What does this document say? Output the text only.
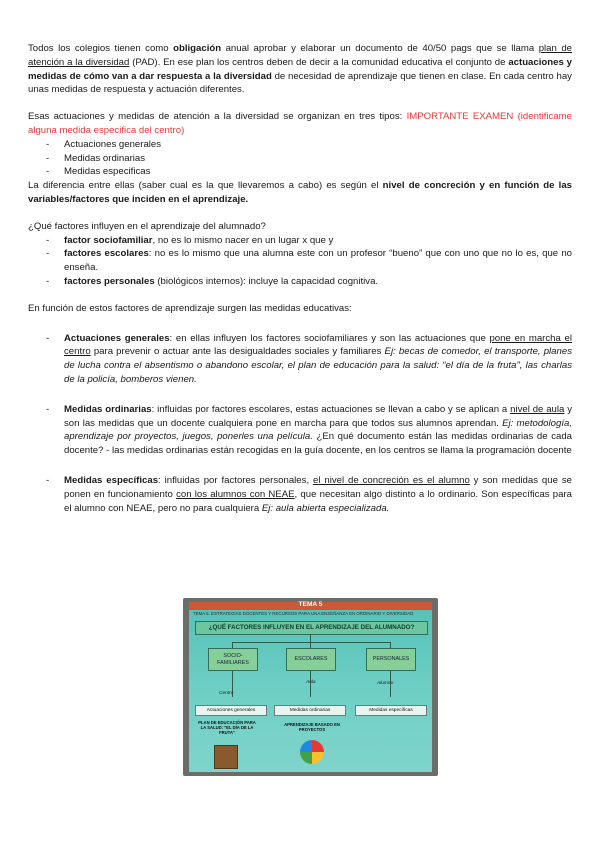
Todos los colegios tienen como obligación anual aprobar y elaborar un documento de 40/50 pags que se llama plan de atención a la diversidad (PAD). En ese plan los centros deben de decir a la comunidad educativa el conjunto de actuaciones y medidas de cómo van a dar respuesta a la diversidad de necesidad de aprendizaje que tienen en clase. En cada centro hay unas medidas de respuesta y actuación diferentes.

Esas actuaciones y medidas de atención a la diversidad se organizan en tres tipos: IMPORTANTE EXAMEN (identificame alguna medida especifica del centro)

- Actuaciones generales
- Medidas ordinarias
- Medidas especificas

La diferencia entre ellas (saber cual es la que llevaremos a cabo) es según el nivel de concreción y en función de las variables/factores que inciden en el aprendizaje.

¿Qué factores influyen en el aprendizaje del alumnado?

- factor sociofamiliar, no es lo mismo nacer en un lugar x que y
- factores escolares: no es lo mismo que una alumna este con un profesor “bueno” que con uno que no lo es, que no enseña.
- factores personales (biológicos internos): incluye la capacidad cognitiva.

En función de estos factores de aprendizaje surgen las medidas educativas:

- Actuaciones generales: en ellas influyen los factores sociofamiliares y son las actuaciones que pone en marcha el centro para prevenir o actuar ante las desigualdades sociales y familiares Ej: becas de comedor, el transporte, planes de lucha contra el absentismo o abandono escolar, el plan de educación para la salud: “el día de la fruta”, las charlas de la policía, bomberos vienen.
- Medidas ordinarias: influidas por factores escolares, estas actuaciones se llevan a cabo y se aplican a nivel de aula y son las medidas que un docente cualquiera pone en marcha para que todos sus alumnos aprendan. Ej: metodología, aprendizaje por proyectos, juegos, ponerles una película. ¿En qué documento están las medidas ordinarias de cada docente? - las medidas ordinarias están recogidas en la guía docente, en los centros se llama la programación docente
- Medidas específicas: influidas por factores personales, el nivel de concreción es el alumno y son medidas que se ponen en funcionamiento con los alumnos con NEAE, que necesitan algo distinto a lo ordinario. Son específicas para el alumno con NEAE, pero no para cualquiera Ej: aula abierta especializada.
TEMA 5
TEMA 5. ESTRATEGIAS DOCENTES Y RECURSOS PARA UNA ENSEÑANZA EN ORDINARIO Y DIVERSIDAD
¿QUÉ FACTORES INFLUYEN EN EL APRENDIZAJE DEL ALUMNADO?
SOCIO-FAMILIARES
ESCOLARES	PERSONALES
Centro
Aula	Alumno
Actuaciones generales	Medidas ordinarias	Medidas específicas
PLAN DE EDUCACIÓN PARA LA SALUD: "EL DÍA DE LA FRUTA"
APRENDIZAJE BASADO EN PROYECTOS
